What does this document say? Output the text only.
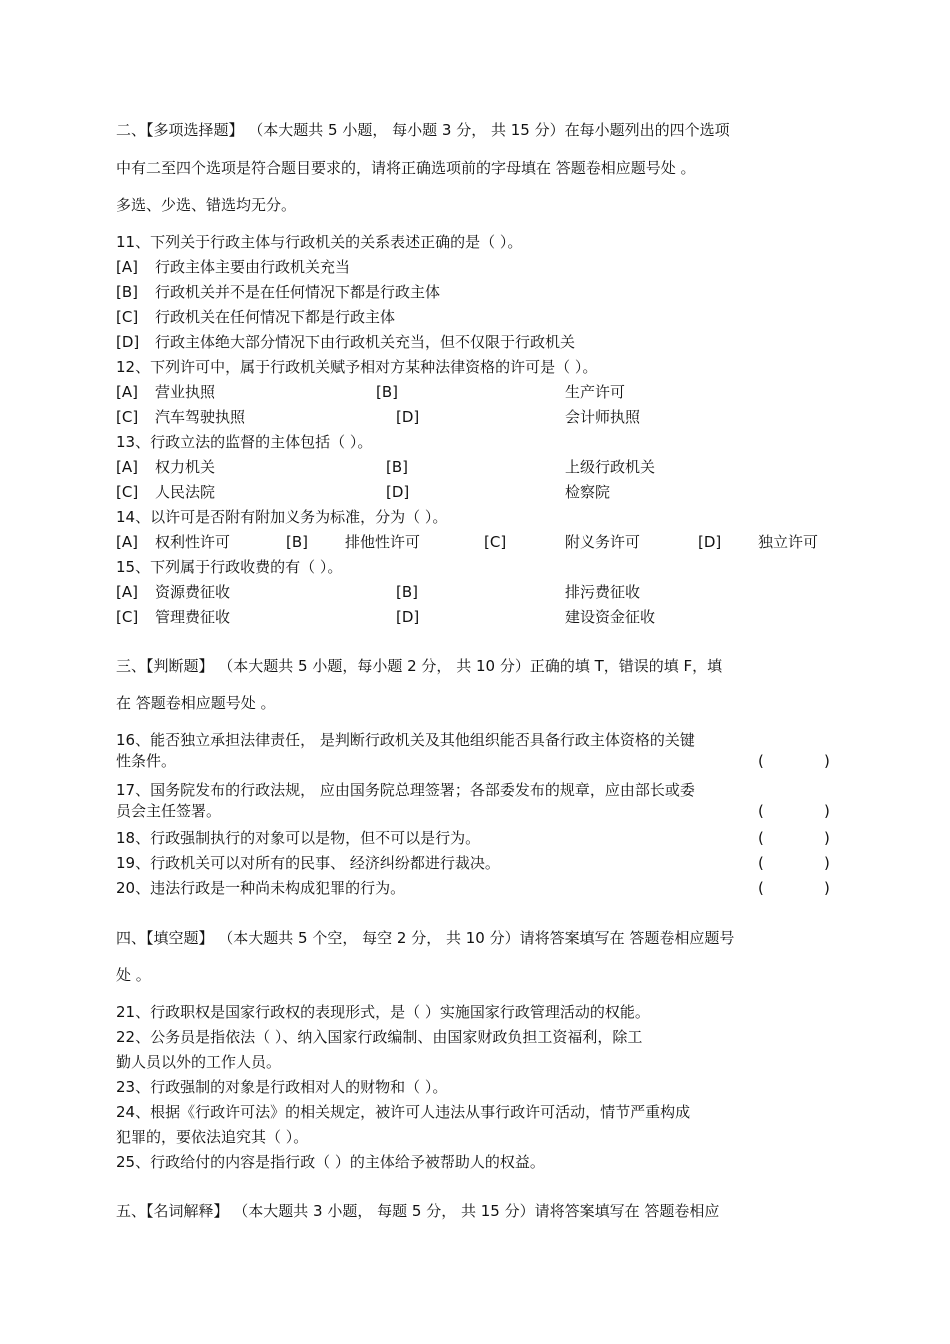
二、【多项选择题】 （本大题共 5 小题， 每小题 3 分， 共 15 分）在每小题列出的四个选项
中有二至四个选项是符合题目要求的，请将正确选项前的字母填在 答题卷相应题号处 。
多选、少选、错选均无分。
11、下列关于行政主体与行政机关的关系表述正确的是（ ）。
[A] 行政主体主要由行政机关充当
[B] 行政机关并不是在任何情况下都是行政主体
[C] 行政机关在任何情况下都是行政主体
[D] 行政主体绝大部分情况下由行政机关充当，但不仅限于行政机关
12、下列许可中，属于行政机关赋予相对方某种法律资格的许可是（ ）。
[A] 营业执照	[B]	生产许可
[C] 汽车驾驶执照	[D]	会计师执照
13、行政立法的监督的主体包括（ ）。
[A] 权力机关	[B]	上级行政机关
[C] 人民法院	[D]	检察院
14、以许可是否附有附加义务为标准，分为（ ）。
[A] 权利性许可	[B] 排他性许可	[C]	附义务许可	[D] 独立许可
15、下列属于行政收费的有（ ）。
[A] 资源费征收	[B]	排污费征收
[C] 管理费征收	[D]	建设资金征收
三、【判断题】 （本大题共 5 小题，每小题 2 分， 共 10 分）正确的填 T，错误的填 F，填
在 答题卷相应题号处 。
16、能否独立承担法律责任， 是判断行政机关及其他组织能否具备行政主体资格的关键
性条件。	(	)
17、国务院发布的行政法规， 应由国务院总理签署；各部委发布的规章，应由部长或委
员会主任签署。	(	)
18、行政强制执行的对象可以是物，但不可以是行为。	(	)
19、行政机关可以对所有的民事、 经济纠纷都进行裁决。	(	)
20、违法行政是一种尚未构成犯罪的行为。	(	)
四、【填空题】 （本大题共 5 个空， 每空 2 分， 共 10 分）请将答案填写在 答题卷相应题号
处 。
21、行政职权是国家行政权的表现形式，是（ ）实施国家行政管理活动的权能。
22、公务员是指依法（ ）、纳入国家行政编制、由国家财政负担工资福利，除工
勤人员以外的工作人员。
23、行政强制的对象是行政相对人的财物和（ ）。
24、根据《行政许可法》的相关规定，被许可人违法从事行政许可活动，情节严重构成
犯罪的，要依法追究其（ ）。
25、行政给付的内容是指行政（ ）的主体给予被帮助人的权益。
五、【名词解释】 （本大题共 3 小题， 每题 5 分， 共 15 分）请将答案填写在 答题卷相应
